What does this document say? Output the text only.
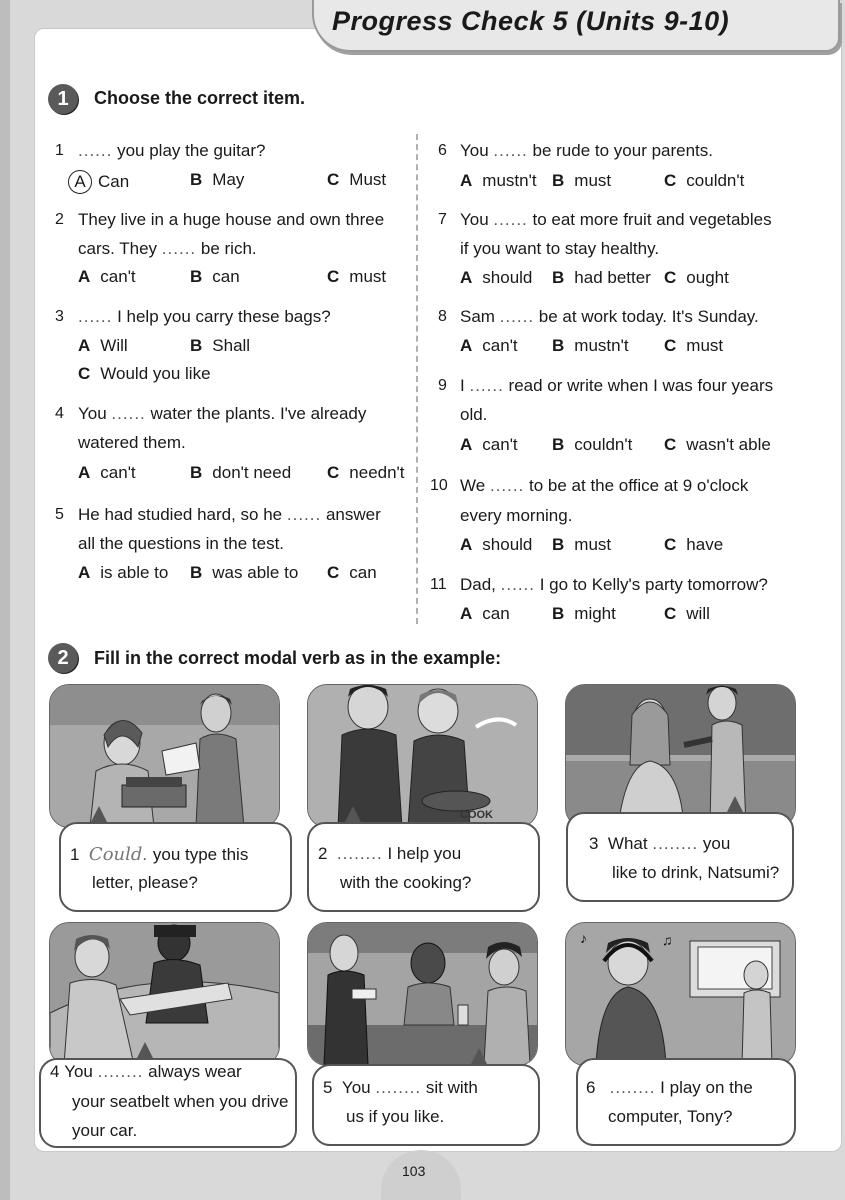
Progress Check 5 (Units 9-10)
1	Choose the correct item.
1 ...... you play the guitar?
A Can	B May	C Must
2 They live in a huge house and own three
cars. They ...... be rich.
A can't	B can	C must
3 ...... I help you carry these bags?
A Will	B Shall
C Would you like
4 You ...... water the plants. I've already
watered them.
A can't	B don't need C needn't
5 He had studied hard, so he ...... answer
all the questions in the test.
A is able to B was able to C can
6 You ...... be rude to your parents.
A mustn't B must	C couldn't
7 You ...... to eat more fruit and vegetables
if you want to stay healthy.
A should B had better C ought
8 Sam ...... be at work today. It's Sunday.
A can't B mustn't C must
9 I ...... read or write when I was four years
old.
A can't B couldn't C wasn't able
10 We ...... to be at the office at 9 o'clock
every morning.
A should B must	C have
11 Dad, ...... I go to Kelly's party tomorrow?
A can B might	C will
2	Fill in the correct modal verb as in the example:
1 Could. you type this
letter, please?
COOK
2 ........ I help you
with the cooking?
3 What ........ you
like to drink, Natsumi?
4 You ........ always wear
your seatbelt when you drive
your car.
5 You ........ sit with
us if you like.
♪	♫
6 ........ I play on the
computer, Tony?
103
